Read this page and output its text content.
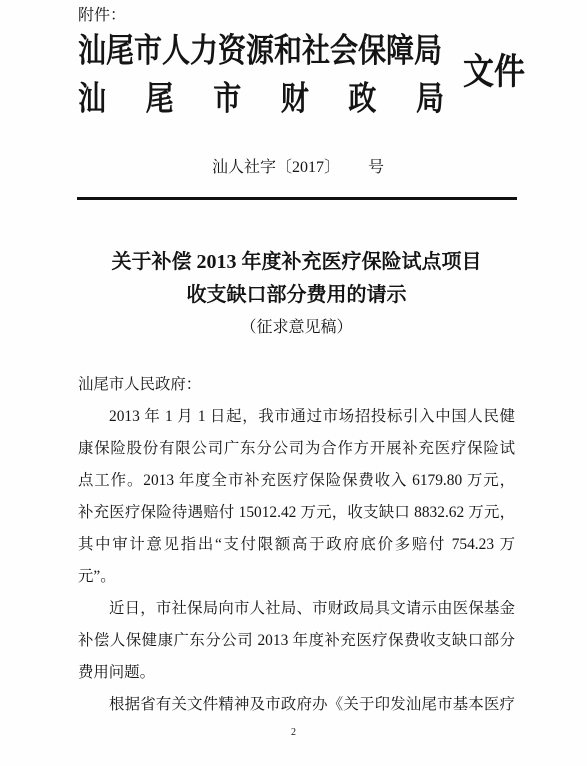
附件：
汕尾市人力资源和社会保障局
汕尾市财政局
文件
汕人社字〔2017〕 号
关于补偿 2013 年度补充医疗保险试点项目
收支缺口部分费用的请示
（征求意见稿）
汕尾市人民政府：
2013 年 1 月 1 日起，我市通过市场招投标引入中国人民健
康保险股份有限公司广东分公司为合作方开展补充医疗保险试
点工作。2013 年度全市补充医疗保险保费收入 6179.80 万元，
补充医疗保险待遇赔付 15012.42 万元，收支缺口 8832.62 万元，
其中审计意见指出“支付限额高于政府底价多赔付 754.23 万
元”。
近日，市社保局向市人社局、市财政局具文请示由医保基金
补偿人保健康广东分公司 2013 年度补充医疗保费收支缺口部分
费用问题。
根据省有关文件精神及市政府办《关于印发汕尾市基本医疗
2
